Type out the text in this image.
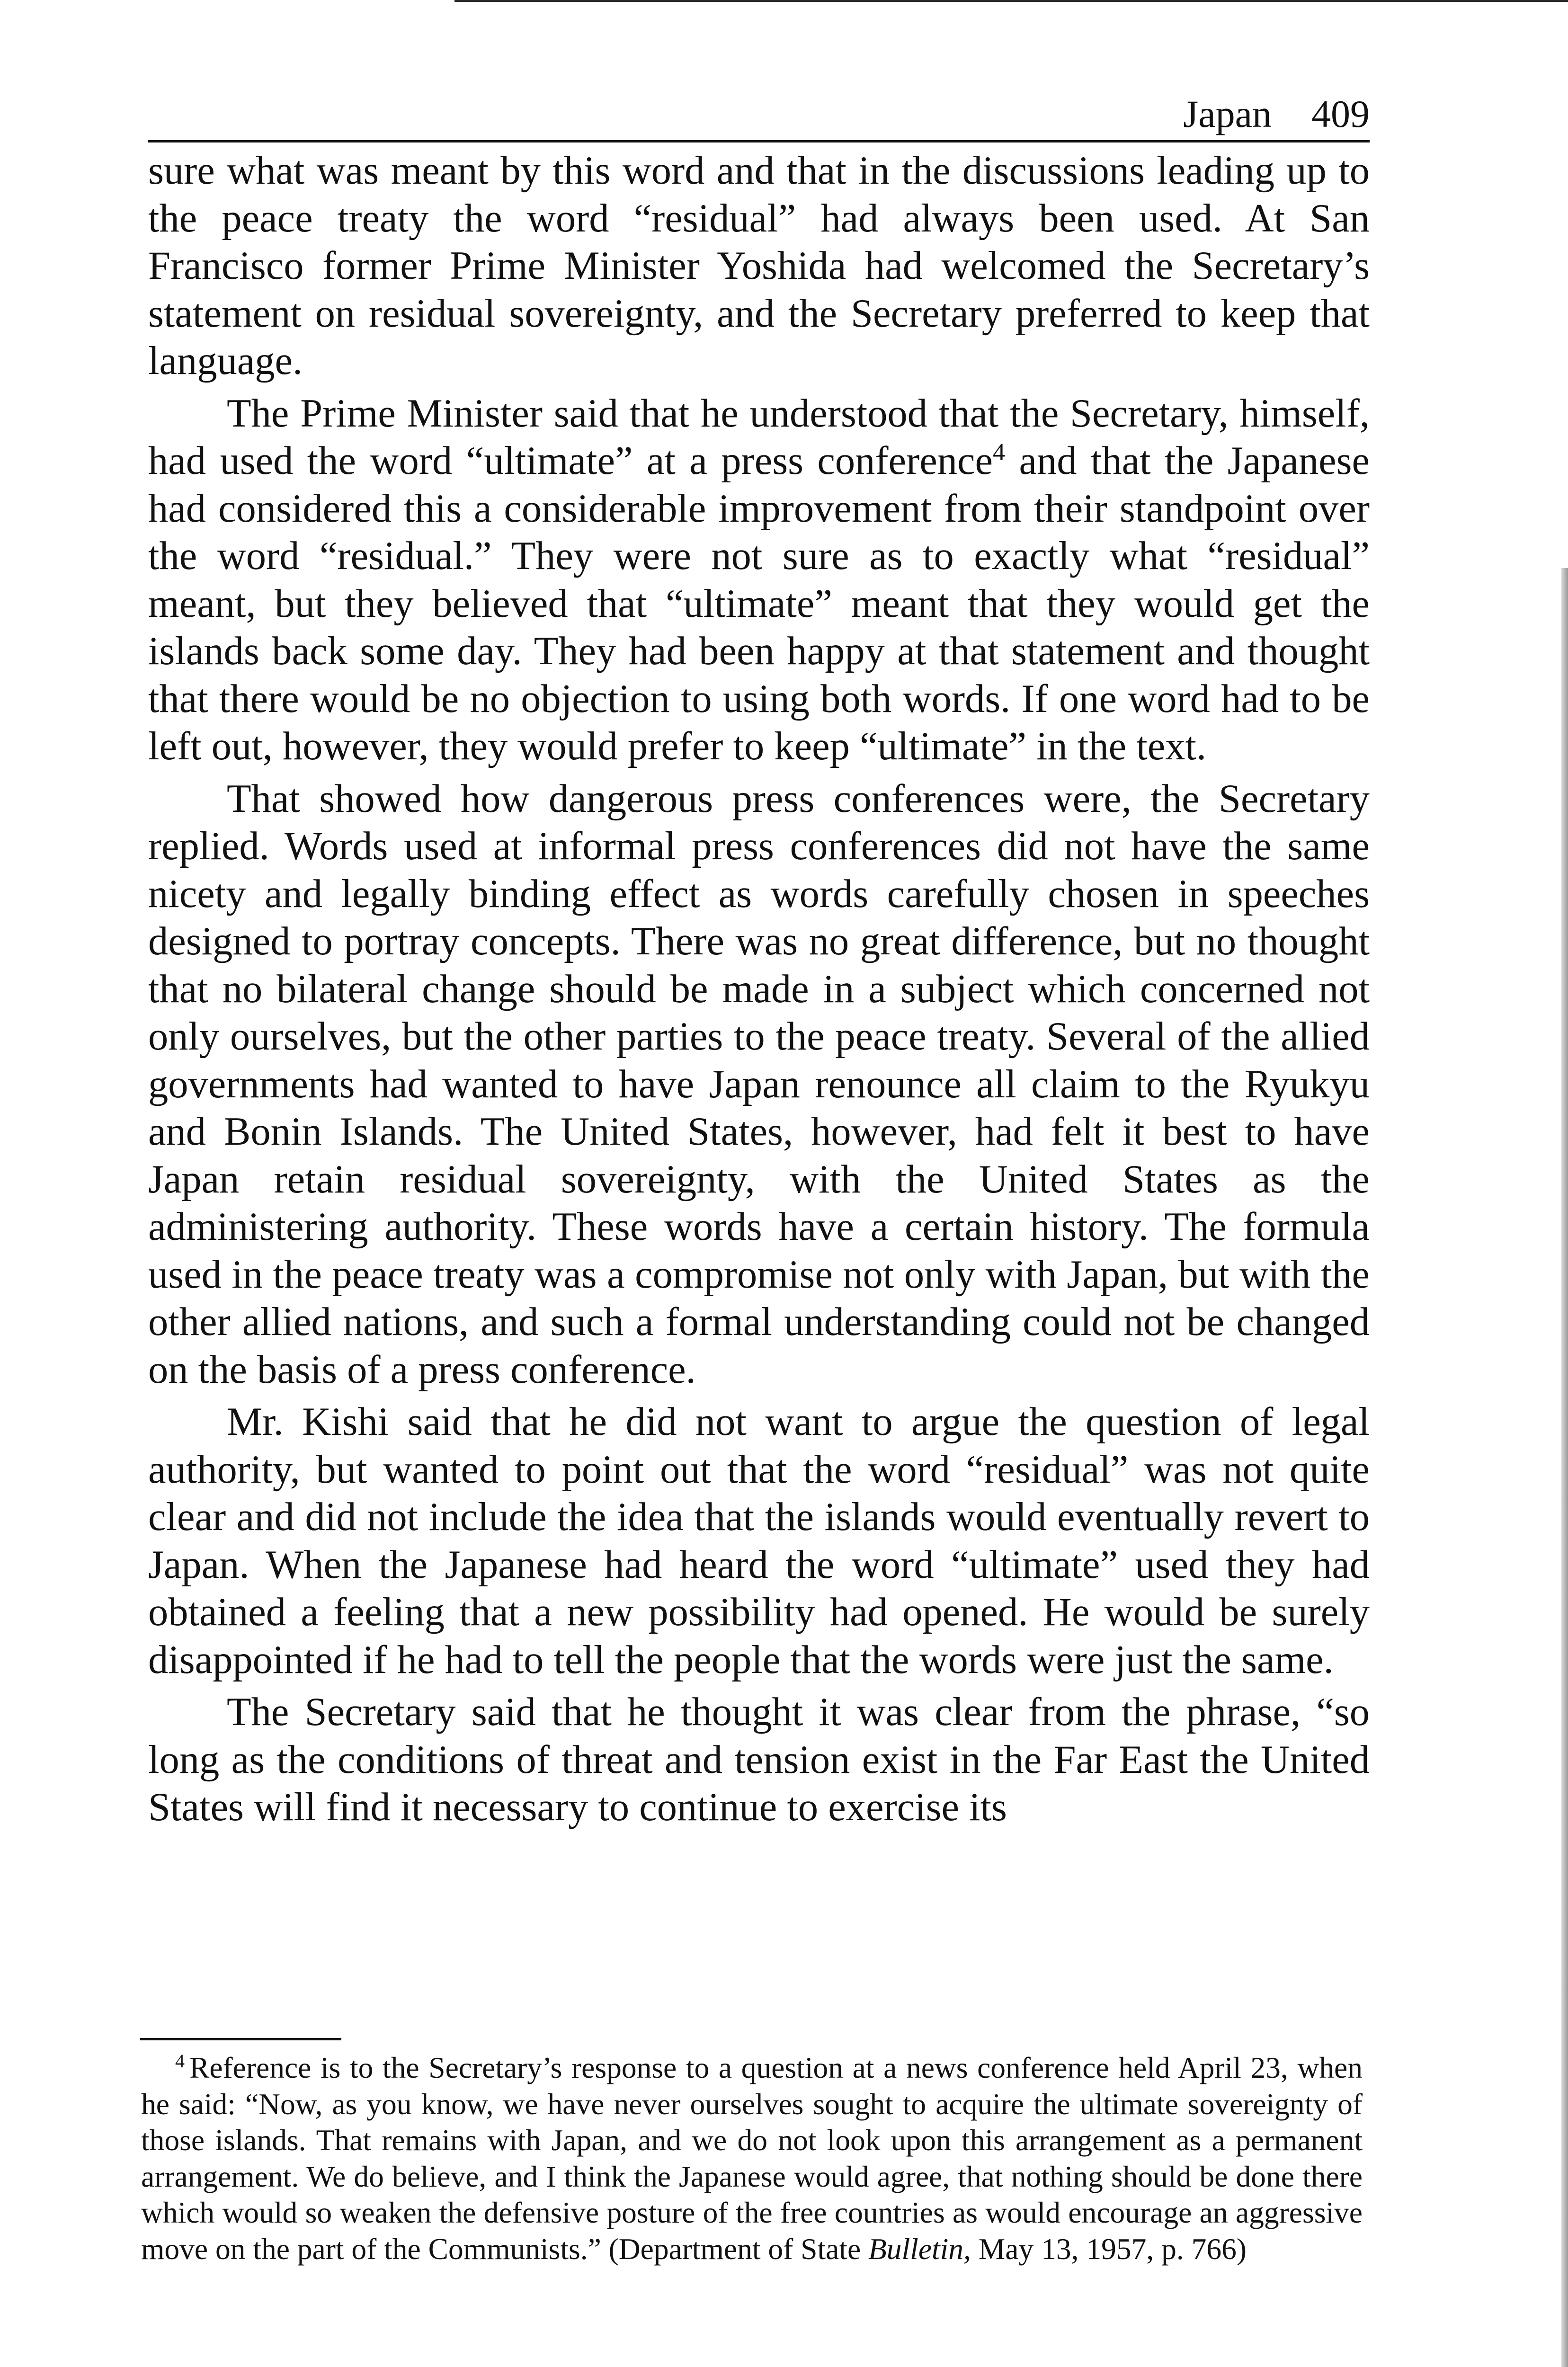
Japan 409

sure what was meant by this word and that in the discussions leading up to the peace treaty the word “residual” had always been used. At San Francisco former Prime Minister Yoshida had welcomed the Secretary’s statement on residual sovereignty, and the Secretary preferred to keep that language.

The Prime Minister said that he understood that the Secretary, himself, had used the word “ultimate” at a press conference$^4$ and that the Japanese had considered this a considerable improvement from their standpoint over the word “residual.” They were not sure as to exactly what “residual” meant, but they believed that “ultimate” meant that they would get the islands back some day. They had been happy at that statement and thought that there would be no objection to using both words. If one word had to be left out, however, they would prefer to keep “ultimate” in the text.

That showed how dangerous press conferences were, the Secretary replied. Words used at informal press conferences did not have the same nicety and legally binding effect as words carefully chosen in speeches designed to portray concepts. There was no great difference, but no thought that no bilateral change should be made in a subject which concerned not only ourselves, but the other parties to the peace treaty. Several of the allied governments had wanted to have Japan renounce all claim to the Ryukyu and Bonin Islands. The United States, however, had felt it best to have Japan retain residual sovereignty, with the United States as the administering authority. These words have a certain history. The formula used in the peace treaty was a compromise not only with Japan, but with the other allied nations, and such a formal understanding could not be changed on the basis of a press conference.

Mr. Kishi said that he did not want to argue the question of legal authority, but wanted to point out that the word “residual” was not quite clear and did not include the idea that the islands would eventually revert to Japan. When the Japanese had heard the word “ultimate” used they had obtained a feeling that a new possibility had opened. He would be surely disappointed if he had to tell the people that the words were just the same.

The Secretary said that he thought it was clear from the phrase, “so long as the conditions of threat and tension exist in the Far East the United States will find it necessary to continue to exercise its

$^4$ Reference is to the Secretary’s response to a question at a news conference held April 23, when he said: “Now, as you know, we have never ourselves sought to acquire the ultimate sovereignty of those islands. That remains with Japan, and we do not look upon this arrangement as a permanent arrangement. We do believe, and I think the Japanese would agree, that nothing should be done there which would so weaken the defensive posture of the free countries as would encourage an aggressive move on the part of the Communists.” (Department of State Bulletin, May 13, 1957, p. 766)
